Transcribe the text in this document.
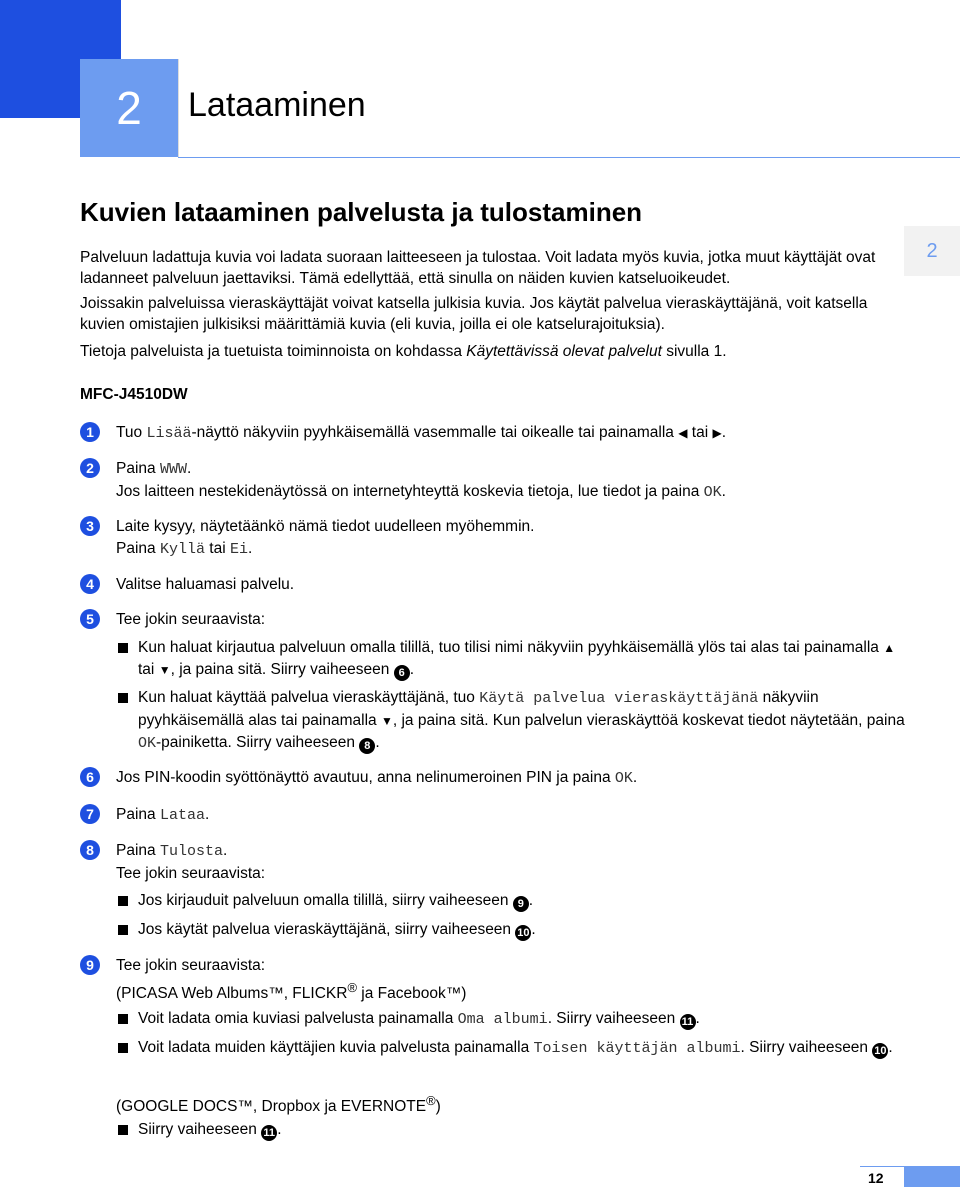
2 Lataaminen
2
Kuvien lataaminen palvelusta ja tulostaminen
Palveluun ladattuja kuvia voi ladata suoraan laitteeseen ja tulostaa. Voit ladata myös kuvia, jotka muut käyttäjät ovat ladanneet palveluun jaettaviksi. Tämä edellyttää, että sinulla on näiden kuvien katseluoikeudet.
Joissakin palveluissa vieraskäyttäjät voivat katsella julkisia kuvia. Jos käytät palvelua vieraskäyttäjänä, voit katsella kuvien omistajien julkisiksi määrittämiä kuvia (eli kuvia, joilla ei ole katselurajoituksia).
Tietoja palveluista ja tuetuista toiminnoista on kohdassa Käytettävissä olevat palvelut sivulla 1.
MFC-J4510DW
1	Tuo Lisää-näyttö näkyviin pyyhkäisemällä vasemmalle tai oikealle tai painamalla ◀ tai ▶.
2	Paina WWW.
Jos laitteen nestekidenäytössä on internetyhteyttä koskevia tietoja, lue tiedot ja paina OK.
3	Laite kysyy, näytetäänkö nämä tiedot uudelleen myöhemmin.
Paina Kyllä tai Ei.
4	Valitse haluamasi palvelu.
5	Tee jokin seuraavista:
Kun haluat kirjautua palveluun omalla tilillä, tuo tilisi nimi näkyviin pyyhkäisemällä ylös tai alas tai painamalla ▲ tai ▼, ja paina sitä. Siirry vaiheeseen 6 .
Kun haluat käyttää palvelua vieraskäyttäjänä, tuo Käytä palvelua vieraskäyttäjänä näkyviin pyyhkäisemällä alas tai painamalla ▼, ja paina sitä. Kun palvelun vieraskäyttöä koskevat tiedot näytetään, paina OK-painiketta. Siirry vaiheeseen 8 .
6	Jos PIN-koodin syöttönäyttö avautuu, anna nelinumeroinen PIN ja paina OK.
7	Paina Lataa.
8	Paina Tulosta.
Tee jokin seuraavista:
Jos kirjauduit palveluun omalla tilillä, siirry vaiheeseen 9 .
Jos käytät palvelua vieraskäyttäjänä, siirry vaiheeseen 10 .
9	Tee jokin seuraavista:
(PICASA Web Albums™, FLICKR® ja Facebook™)
Voit ladata omia kuviasi palvelusta painamalla Oma albumi. Siirry vaiheeseen 11 .
Voit ladata muiden käyttäjien kuvia palvelusta painamalla Toisen käyttäjän albumi. Siirry vaiheeseen 10 .
(GOOGLE DOCS™, Dropbox ja EVERNOTE®)
Siirry vaiheeseen 11 .
12
